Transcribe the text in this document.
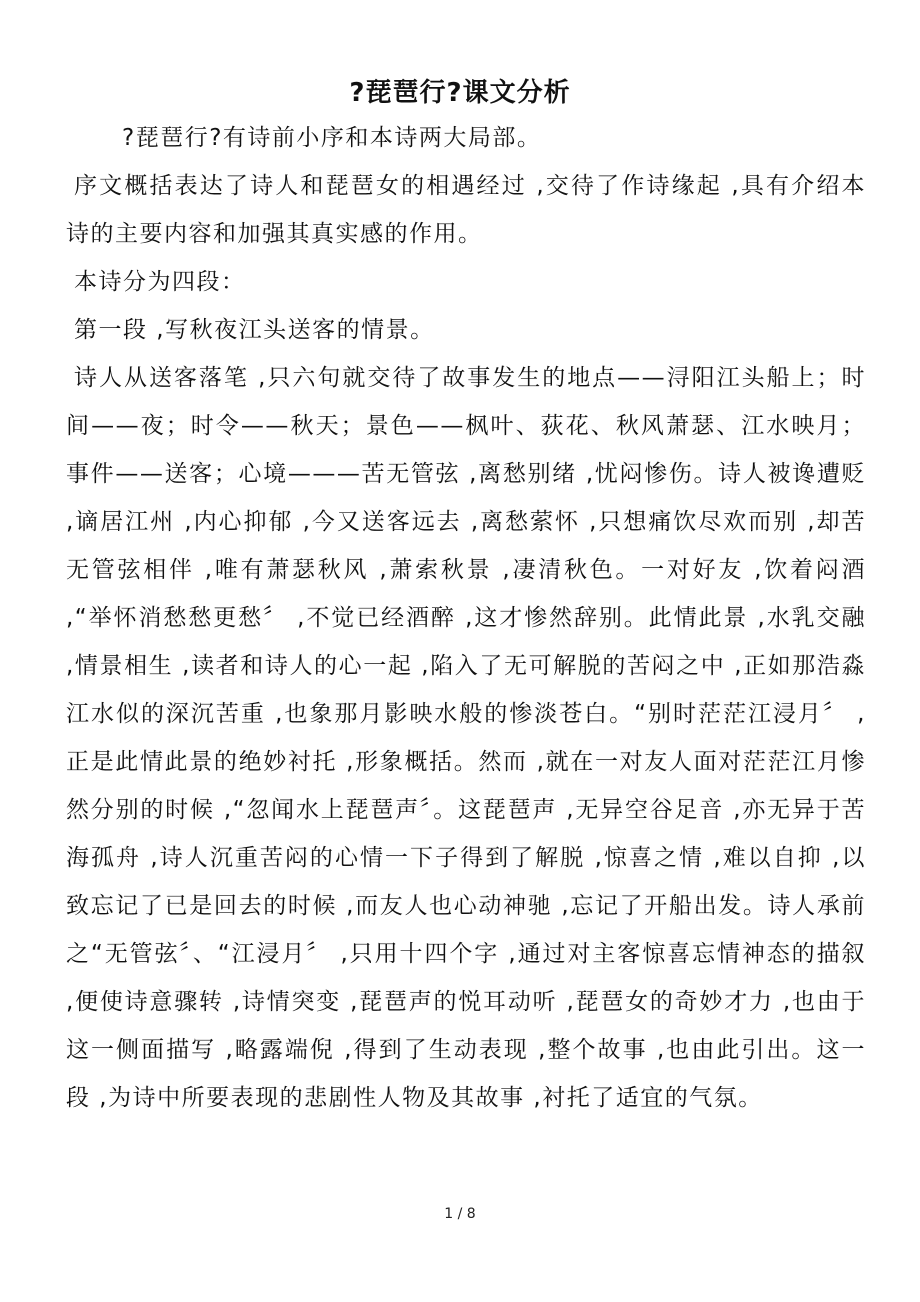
?琵琶行?课文分析

?琵琶行?有诗前小序和本诗两大局部。

序文概括表达了诗人和琵琶女的相遇经过 ,交待了作诗缘起 ,具有介绍本诗的主要内容和加强其真实感的作用。

本诗分为四段：

第一段 ,写秋夜江头送客的情景。

诗人从送客落笔 ,只六句就交待了故事发生的地点——浔阳江头船上；时间——夜；时令——秋天；景色——枫叶、荻花、秋风萧瑟、江水映月；事件——送客；心境———苦无管弦 ,离愁别绪 ,忧闷惨伤。诗人被谗遭贬 ,谪居江州 ,内心抑郁 ,今又送客远去 ,离愁萦怀 ,只想痛饮尽欢而别 ,却苦无管弦相伴 ,唯有萧瑟秋风 ,萧索秋景 ,凄清秋色。一对好友 ,饮着闷酒 ,“举怀消愁愁更愁〞 ,不觉已经酒醉 ,这才惨然辞别。此情此景 ,水乳交融 ,情景相生 ,读者和诗人的心一起 ,陷入了无可解脱的苦闷之中 ,正如那浩淼江水似的深沉苦重 ,也象那月影映水般的惨淡苍白。“别时茫茫江浸月〞 ,正是此情此景的绝妙衬托 ,形象概括。然而 ,就在一对友人面对茫茫江月惨然分别的时候 ,“忽闻水上琵琶声〞。这琵琶声 ,无异空谷足音 ,亦无异于苦海孤舟 ,诗人沉重苦闷的心情一下子得到了解脱 ,惊喜之情 ,难以自抑 ,以致忘记了已是回去的时候 ,而友人也心动神驰 ,忘记了开船出发。诗人承前之“无管弦〞、“江浸月〞 ,只用十四个字 ,通过对主客惊喜忘情神态的描叙 ,便使诗意骤转 ,诗情突变 ,琵琶声的悦耳动听 ,琵琶女的奇妙才力 ,也由于这一侧面描写 ,略露端倪 ,得到了生动表现 ,整个故事 ,也由此引出。这一段 ,为诗中所要表现的悲剧性人物及其故事 ,衬托了适宜的气氛。

1 / 8
